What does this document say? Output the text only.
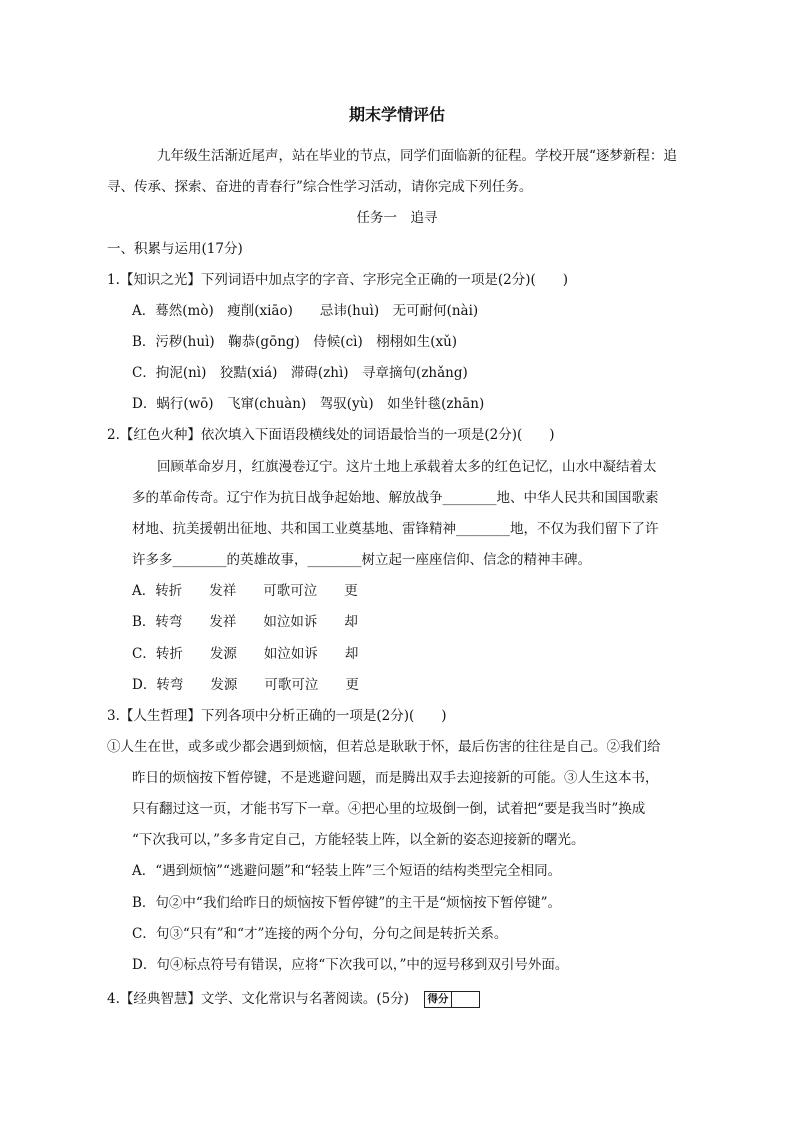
期末学情评估
九年级生活渐近尾声，站在毕业的节点，同学们面临新的征程。学校开展“逐梦新程：追
寻、传承、探索、奋进的青春行”综合性学习活动，请你完成下列任务。
任务一　追寻
一、积累与运用(17分)
1.【知识之光】下列词语中加点字的字音、字形完全正确的一项是(2分)(　　)
A．蓦然(mò)　瘦削(xiāo)　　忌讳(huì)　无可耐何(nài)
B．污秽(huì)　鞠恭(gōng)　侍候(cì)　栩栩如生(xǔ)
C．拘泥(nì)　狡黠(xiá)　滞碍(zhì)　寻章摘句(zhǎng)
D．蜗行(wō)　飞窜(chuàn)　驾驭(yù)　如坐针毯(zhān)
2.【红色火种】依次填入下面语段横线处的词语最恰当的一项是(2分)(　　)
回顾革命岁月，红旗漫卷辽宁。这片土地上承载着太多的红色记忆，山水中凝结着太
多的革命传奇。辽宁作为抗日战争起始地、解放战争________地、中华人民共和国国歌素
材地、抗美援朝出征地、共和国工业奠基地、雷锋精神________地，不仅为我们留下了许
许多多________的英雄故事，________树立起一座座信仰、信念的精神丰碑。
A．转折　　发祥　　可歌可泣　　更
B．转弯　　发祥　　如泣如诉　　却
C．转折　　发源　　如泣如诉　　却
D．转弯　　发源　　可歌可泣　　更
3.【人生哲理】下列各项中分析正确的一项是(2分)(　　)
①人生在世，或多或少都会遇到烦恼，但若总是耿耿于怀，最后伤害的往往是自己。②我们给
昨日的烦恼按下暂停键，不是逃避问题，而是腾出双手去迎接新的可能。③人生这本书，
只有翻过这一页，才能书写下一章。④把心里的垃圾倒一倒，试着把“要是我当时”换成
“下次我可以，”多多肯定自己，方能轻装上阵，以全新的姿态迎接新的曙光。
A．“遇到烦恼”“逃避问题”和“轻装上阵”三个短语的结构类型完全相同。
B．句②中“我们给昨日的烦恼按下暂停键”的主干是“烦恼按下暂停键”。
C．句③“只有”和“才”连接的两个分句，分句之间是转折关系。
D．句④标点符号有错误，应将“下次我可以，”中的逗号移到双引号外面。
4.【经典智慧】文学、文化常识与名著阅读。(5分) 得分
